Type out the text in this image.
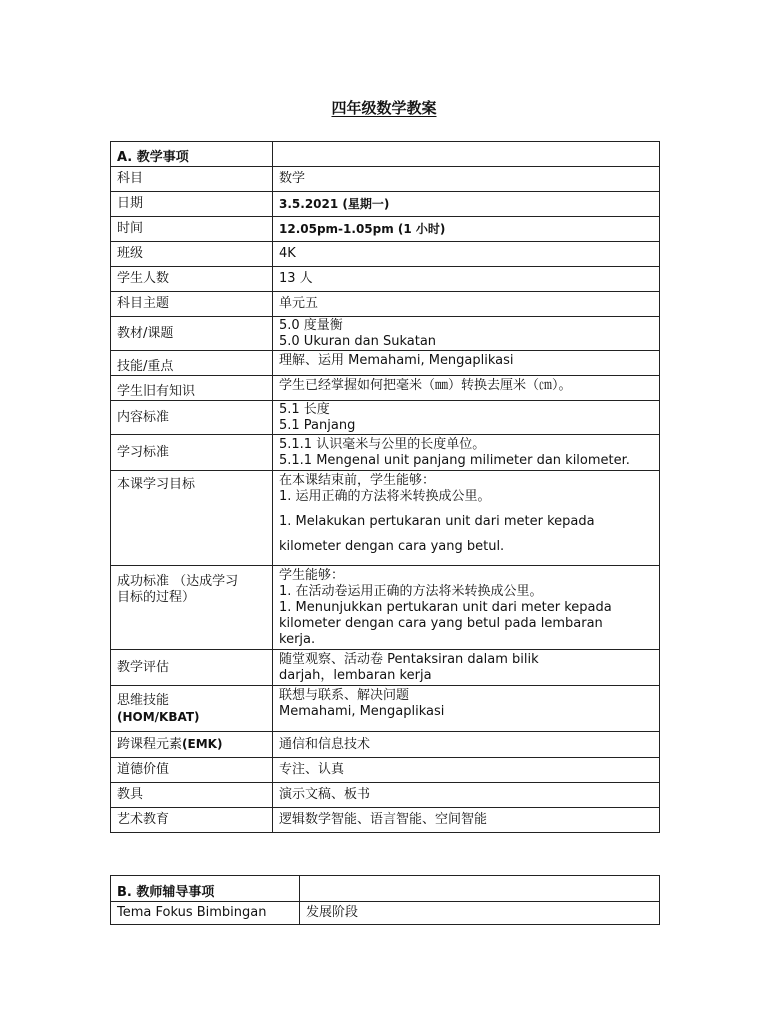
四年级数学教案
A. 教学事项	
科目	数学
日期	3.5.2021 (星期一)
时间	12.05pm-1.05pm (1 小时)
班级	4K
学生人数	13 人
科目主题	单元五
教材/课题	5.0 度量衡
5.0 Ukuran dan Sukatan

技能/重点	理解、运用 Memahami, Mengaplikasi
学生旧有知识	学生已经掌握如何把毫米（㎜）转换去厘米（㎝）。
内容标准	5.1 长度
5.1 Panjang

学习标准	5.1.1 认识毫米与公里的长度单位。
5.1.1 Mengenal unit panjang milimeter dan kilometer.

本课学习目标	在本课结束前，学生能够：
1. 运用正确的方法将米转换成公里。
1. Melakukan pertukaran unit dari meter kepada
kilometer dengan cara yang betul.

成功标准 （达成学习
目标的过程）	学生能够：
1. 在活动卷运用正确的方法将米转换成公里。
1. Menunjukkan pertukaran unit dari meter kepada
kilometer dengan cara yang betul pada lembaran
kerja.

教学评估	随堂观察、活动卷 Pentaksiran dalam bilik
darjah，lembaran kerja

思维技能
(HOM/KBAT)	联想与联系、解决问题
Memahami, Mengaplikasi

跨课程元素(EMK)	通信和信息技术
道德价值	专注、认真
教具	演示文稿、板书
艺术教育	逻辑数学智能、语言智能、空间智能
B. 教师辅导事项	
Tema Fokus Bimbingan	发展阶段
